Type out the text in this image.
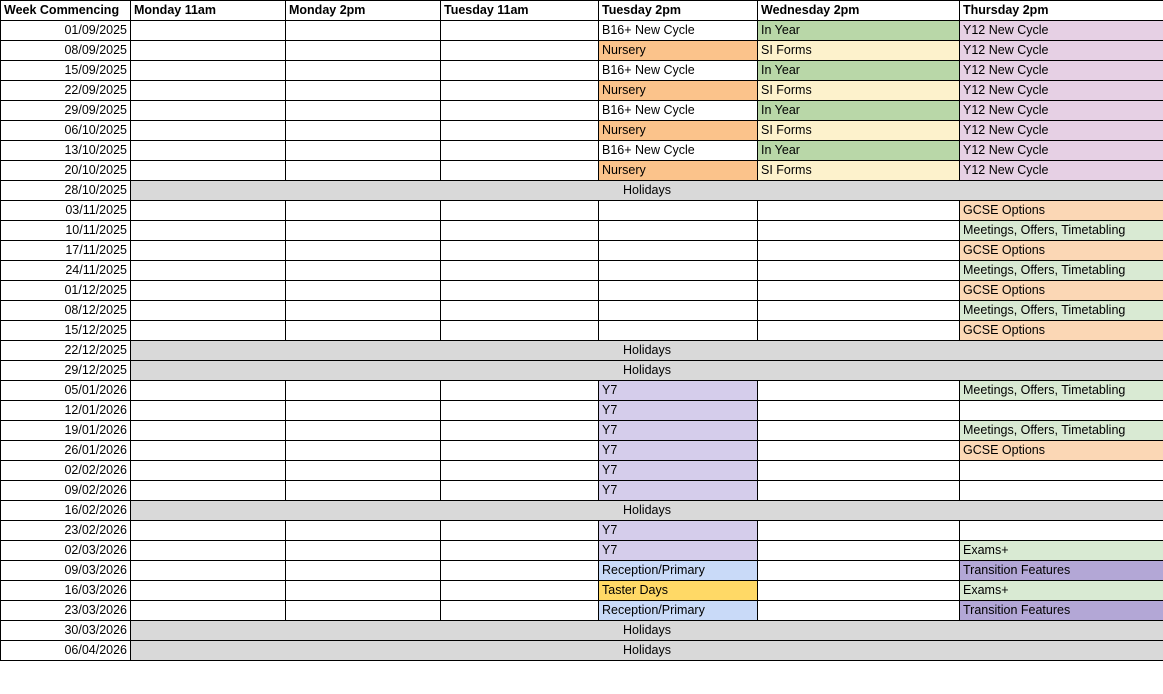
Week Commencing	Monday 11am	Monday 2pm	Tuesday 11am	Tuesday 2pm	Wednesday 2pm	Thursday 2pm
01/09/2025				B16+ New Cycle	In Year	Y12 New Cycle
08/09/2025				Nursery	SI Forms	Y12 New Cycle
15/09/2025				B16+ New Cycle	In Year	Y12 New Cycle
22/09/2025				Nursery	SI Forms	Y12 New Cycle
29/09/2025				B16+ New Cycle	In Year	Y12 New Cycle
06/10/2025				Nursery	SI Forms	Y12 New Cycle
13/10/2025				B16+ New Cycle	In Year	Y12 New Cycle
20/10/2025				Nursery	SI Forms	Y12 New Cycle
28/10/2025	Holidays					
03/11/2025						GCSE Options
10/11/2025						Meetings, Offers, Timetabling
17/11/2025						GCSE Options
24/11/2025						Meetings, Offers, Timetabling
01/12/2025						GCSE Options
08/12/2025						Meetings, Offers, Timetabling
15/12/2025						GCSE Options
22/12/2025	Holidays					
29/12/2025	Holidays					
05/01/2026				Y7		Meetings, Offers, Timetabling
12/01/2026				Y7		
19/01/2026				Y7		Meetings, Offers, Timetabling
26/01/2026				Y7		GCSE Options
02/02/2026				Y7		
09/02/2026				Y7		
16/02/2026	Holidays					
23/02/2026				Y7		
02/03/2026				Y7		Exams+
09/03/2026				Reception/Primary		Transition Features
16/03/2026				Taster Days		Exams+
23/03/2026				Reception/Primary		Transition Features
30/03/2026	Holidays					
06/04/2026	Holidays					
